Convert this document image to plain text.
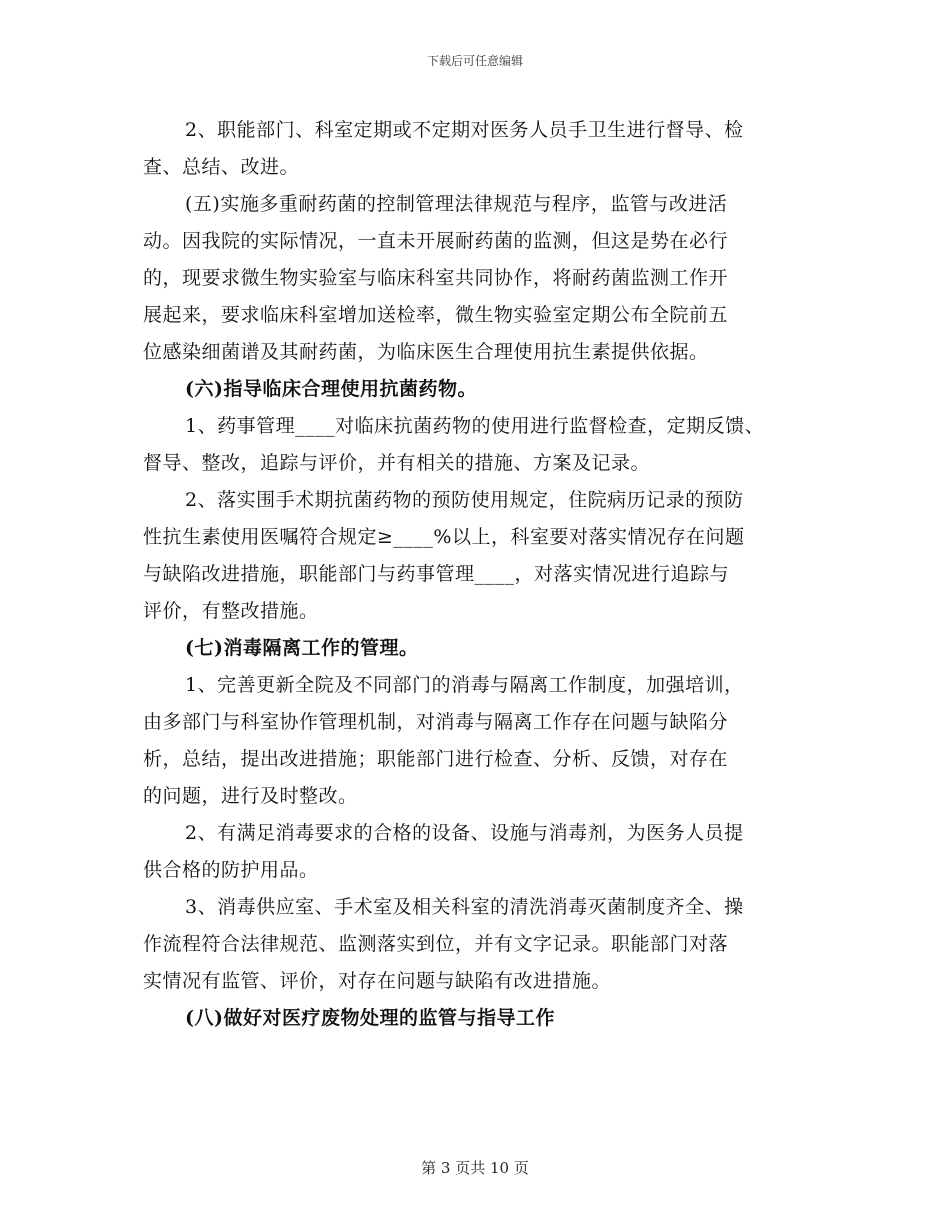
下载后可任意编辑

2、职能部门、科室定期或不定期对医务人员手卫生进行督导、检
查、总结、改进。

(五)实施多重耐药菌的控制管理法律规范与程序，监管与改进活
动。因我院的实际情况，一直未开展耐药菌的监测，但这是势在必行
的，现要求微生物实验室与临床科室共同协作，将耐药菌监测工作开
展起来，要求临床科室增加送检率，微生物实验室定期公布全院前五
位感染细菌谱及其耐药菌，为临床医生合理使用抗生素提供依据。

(六)指导临床合理使用抗菌药物。

1、药事管理____对临床抗菌药物的使用进行监督检查，定期反馈、
督导、整改，追踪与评价，并有相关的措施、方案及记录。

2、落实围手术期抗菌药物的预防使用规定，住院病历记录的预防
性抗生素使用医嘱符合规定≥____%以上，科室要对落实情况存在问题
与缺陷改进措施，职能部门与药事管理____，对落实情况进行追踪与
评价，有整改措施。

(七)消毒隔离工作的管理。

1、完善更新全院及不同部门的消毒与隔离工作制度，加强培训，
由多部门与科室协作管理机制，对消毒与隔离工作存在问题与缺陷分
析，总结，提出改进措施；职能部门进行检查、分析、反馈，对存在
的问题，进行及时整改。

2、有满足消毒要求的合格的设备、设施与消毒剂，为医务人员提
供合格的防护用品。

3、消毒供应室、手术室及相关科室的清洗消毒灭菌制度齐全、操
作流程符合法律规范、监测落实到位，并有文字记录。职能部门对落
实情况有监管、评价，对存在问题与缺陷有改进措施。

(八)做好对医疗废物处理的监管与指导工作

第 3 页共 10 页
